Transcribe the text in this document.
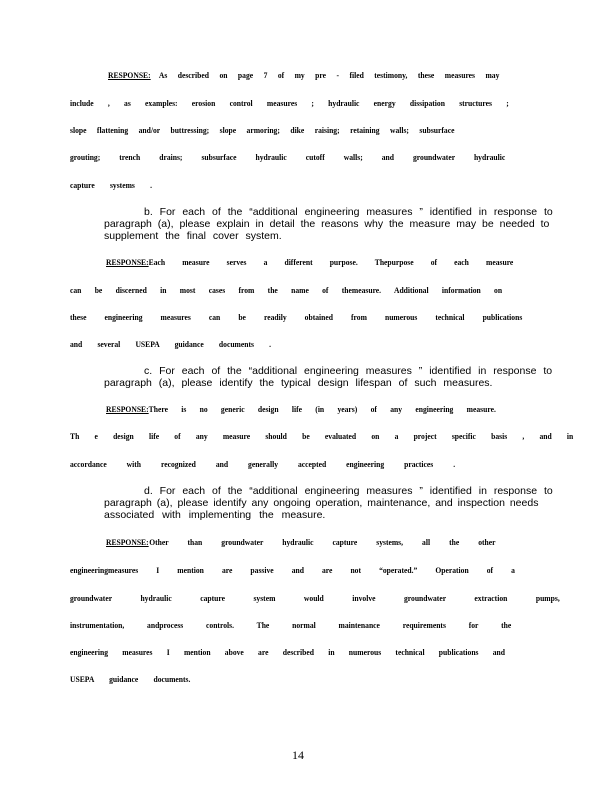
RESPONSE: As described on page 7 of my pre - filed testimony, these measures may
include , as examples: erosion control measures ; hydraulic energy dissipation structures ;
slope flattening and/or buttressing; slope armoring; dike raising; retaining walls; subsurface
grouting; trench drains; subsurface hydraulic cutoff walls; and groundwater hydraulic
capture systems .
b. For each of the “additional engineering measures ” identified in response to
paragraph (a), please explain in detail the reasons why the measure may be needed to
supplement the final cover system.
RESPONSE: Each measure serves a different purpose. Thepurpose of each measure
can be discerned in most cases from the name of themeasure. Additional information on
these engineering measures can be readily obtained from numerous technical publications
and several USEPA guidance documents .
c. For each of the “additional engineering measures ” identified in response to
paragraph (a), please identify the typical design lifespan of such measures.
RESPONSE: There is no generic design life (in years) of any engineering measure.
Th e design life of any measure should be evaluated on a project specific basis , and in
accordance with recognized and generally accepted engineering practices .
d. For each of the “additional engineering measures ” identified in response to
paragraph (a), please identify any ongoing operation, maintenance, and inspection needs
associated with implementing the measure.
RESPONSE: Other than groundwater hydraulic capture systems, all the other
engineeringmeasures I mention are passive and are not “operated.” Operation of a
groundwater hydraulic capture system would involve groundwater extraction pumps,
instrumentation, andprocess controls. The normal maintenance requirements for the
engineering measures I mention above are described in numerous technical publications and
USEPA guidance documents.
14
